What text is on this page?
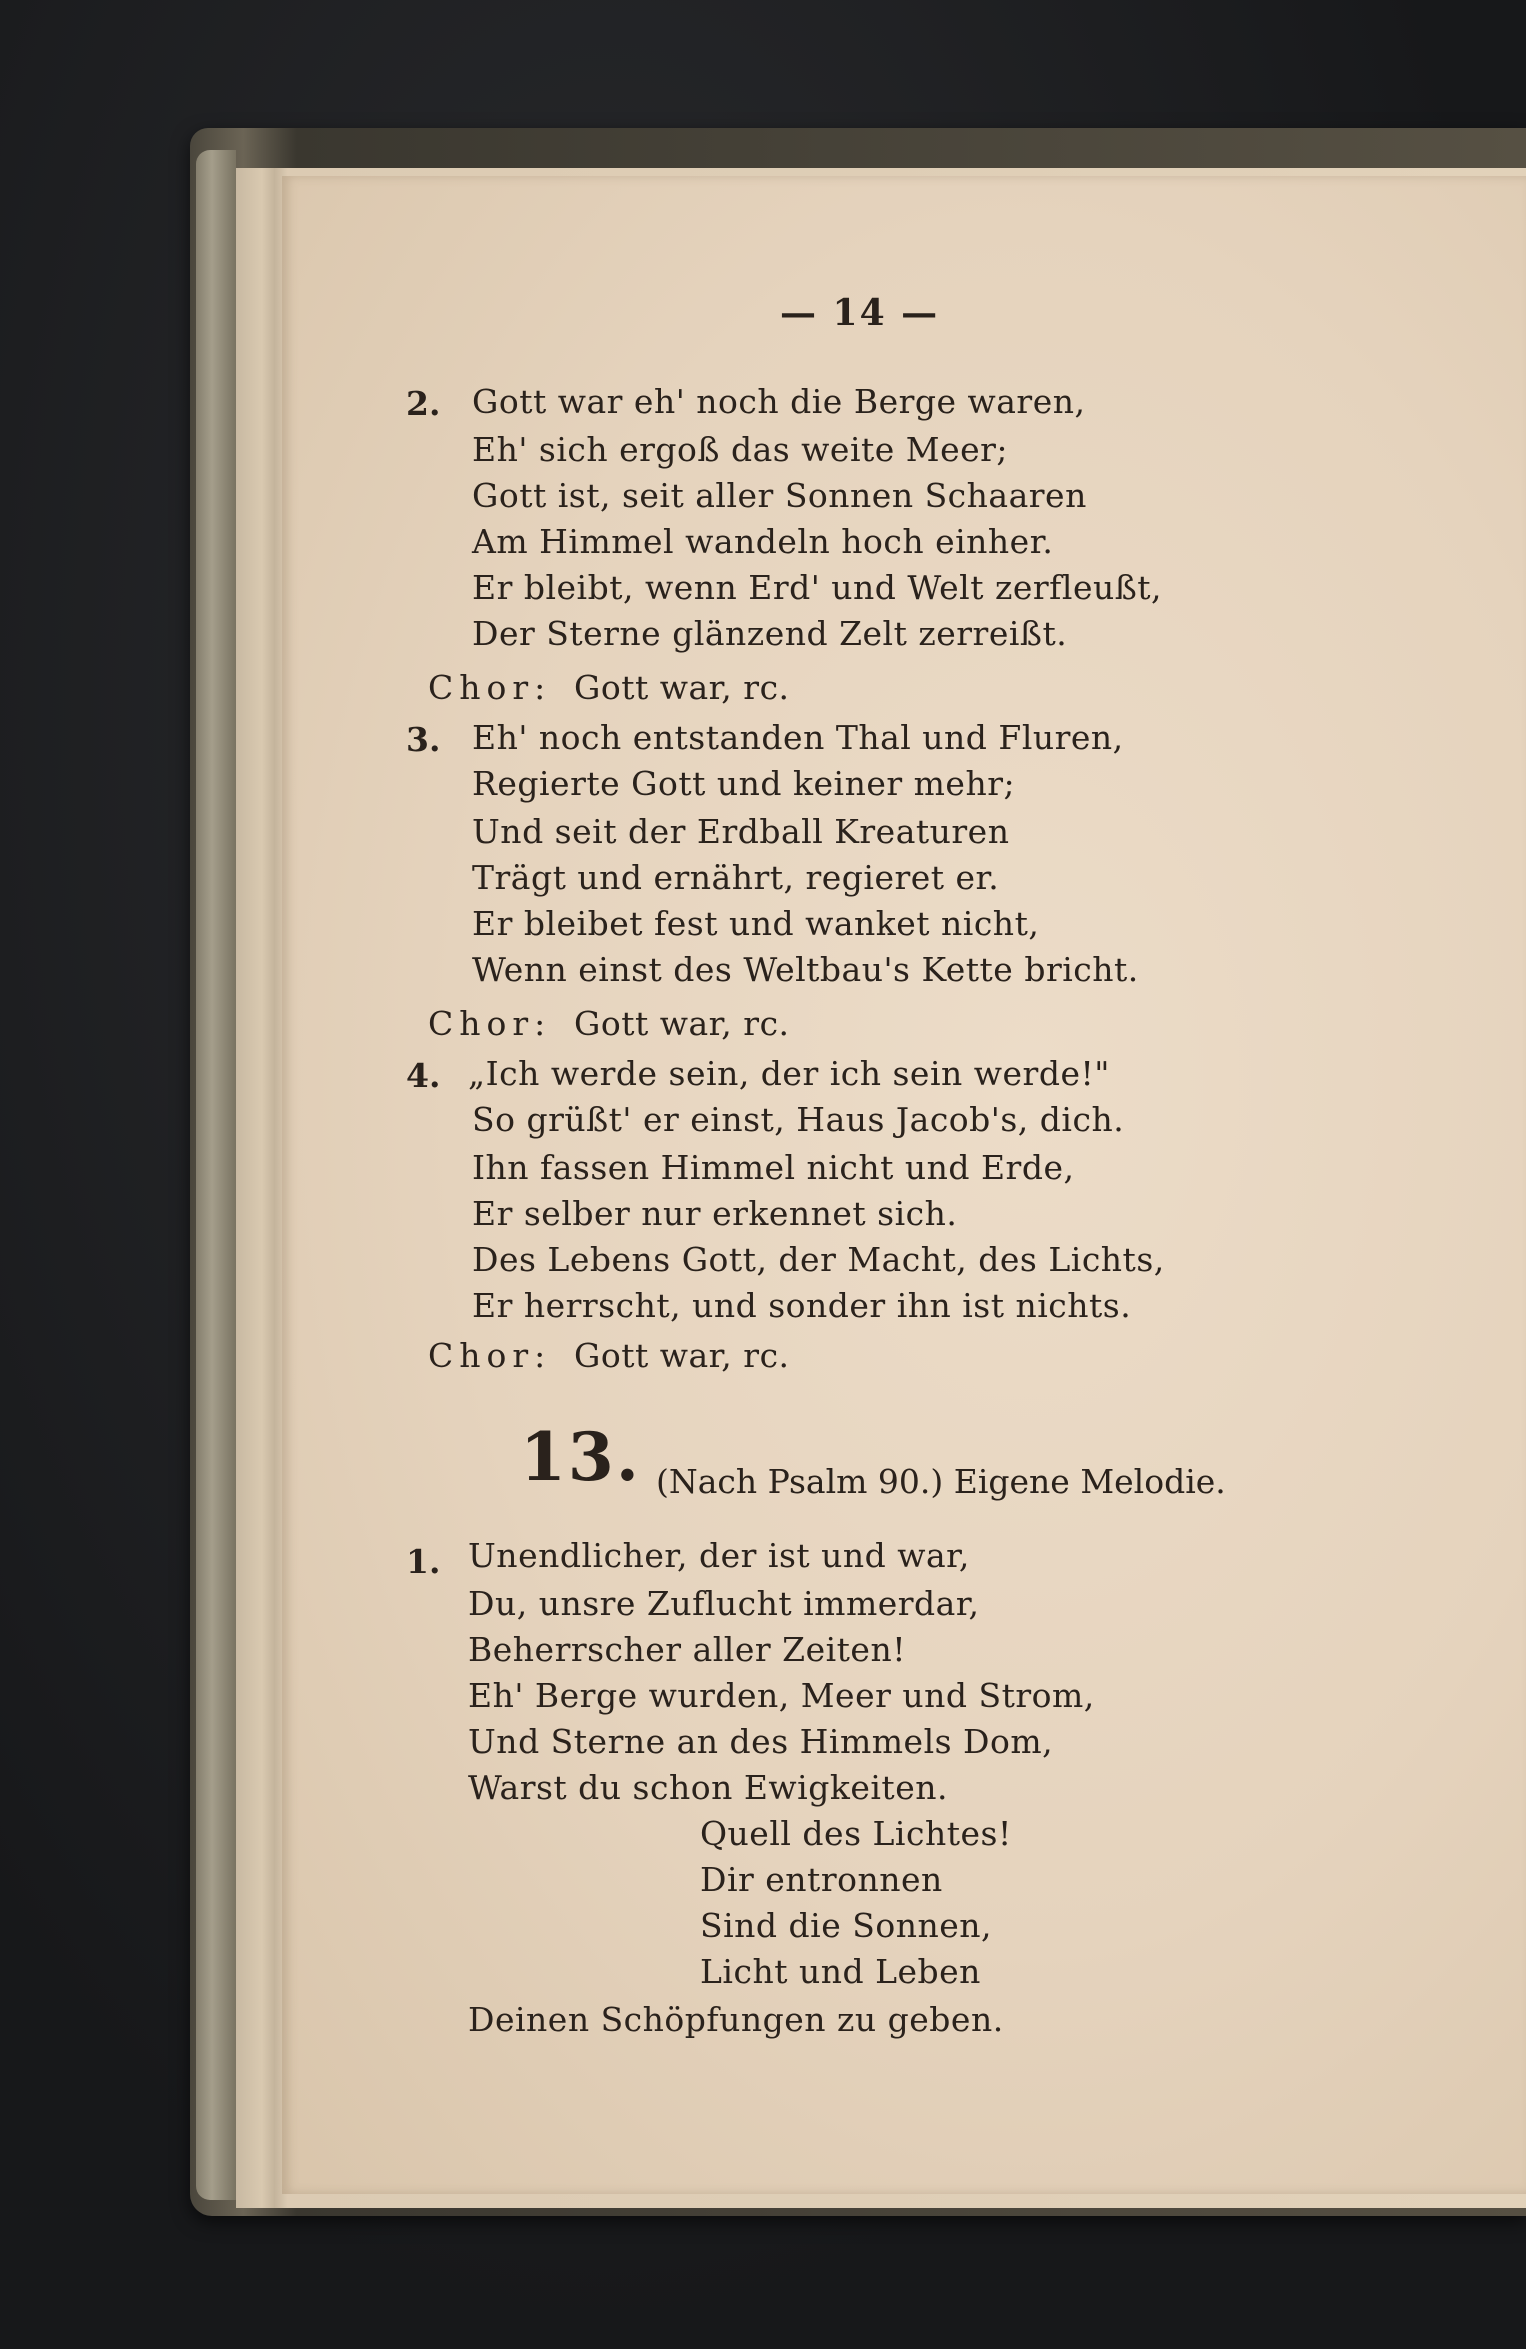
— 14 —
2. Gott war eh' noch die Berge waren,
Eh' sich ergoß das weite Meer;
Gott ist, seit aller Sonnen Schaaren
Am Himmel wandeln hoch einher.
Er bleibt, wenn Erd' und Welt zerfleußt,
Der Sterne glänzend Zelt zerreißt.
Chor: Gott war, rc.
3. Eh' noch entstanden Thal und Fluren,
Regierte Gott und keiner mehr;
Und seit der Erdball Kreaturen
Trägt und ernährt, regieret er.
Er bleibet fest und wanket nicht,
Wenn einst des Weltbau's Kette bricht.
Chor: Gott war, rc.
4. „Ich werde sein, der ich sein werde!"
So grüßt' er einst, Haus Jacob's, dich.
Ihn fassen Himmel nicht und Erde,
Er selber nur erkennet sich.
Des Lebens Gott, der Macht, des Lichts,
Er herrscht, und sonder ihn ist nichts.
Chor: Gott war, rc.
13. (Nach Psalm 90.) Eigene Melodie.
1. Unendlicher, der ist und war,
Du, unsre Zuflucht immerdar,
Beherrscher aller Zeiten!
Eh' Berge wurden, Meer und Strom,
Und Sterne an des Himmels Dom,
Warst du schon Ewigkeiten.
Quell des Lichtes!
Dir entronnen
Sind die Sonnen,
Licht und Leben
Deinen Schöpfungen zu geben.
